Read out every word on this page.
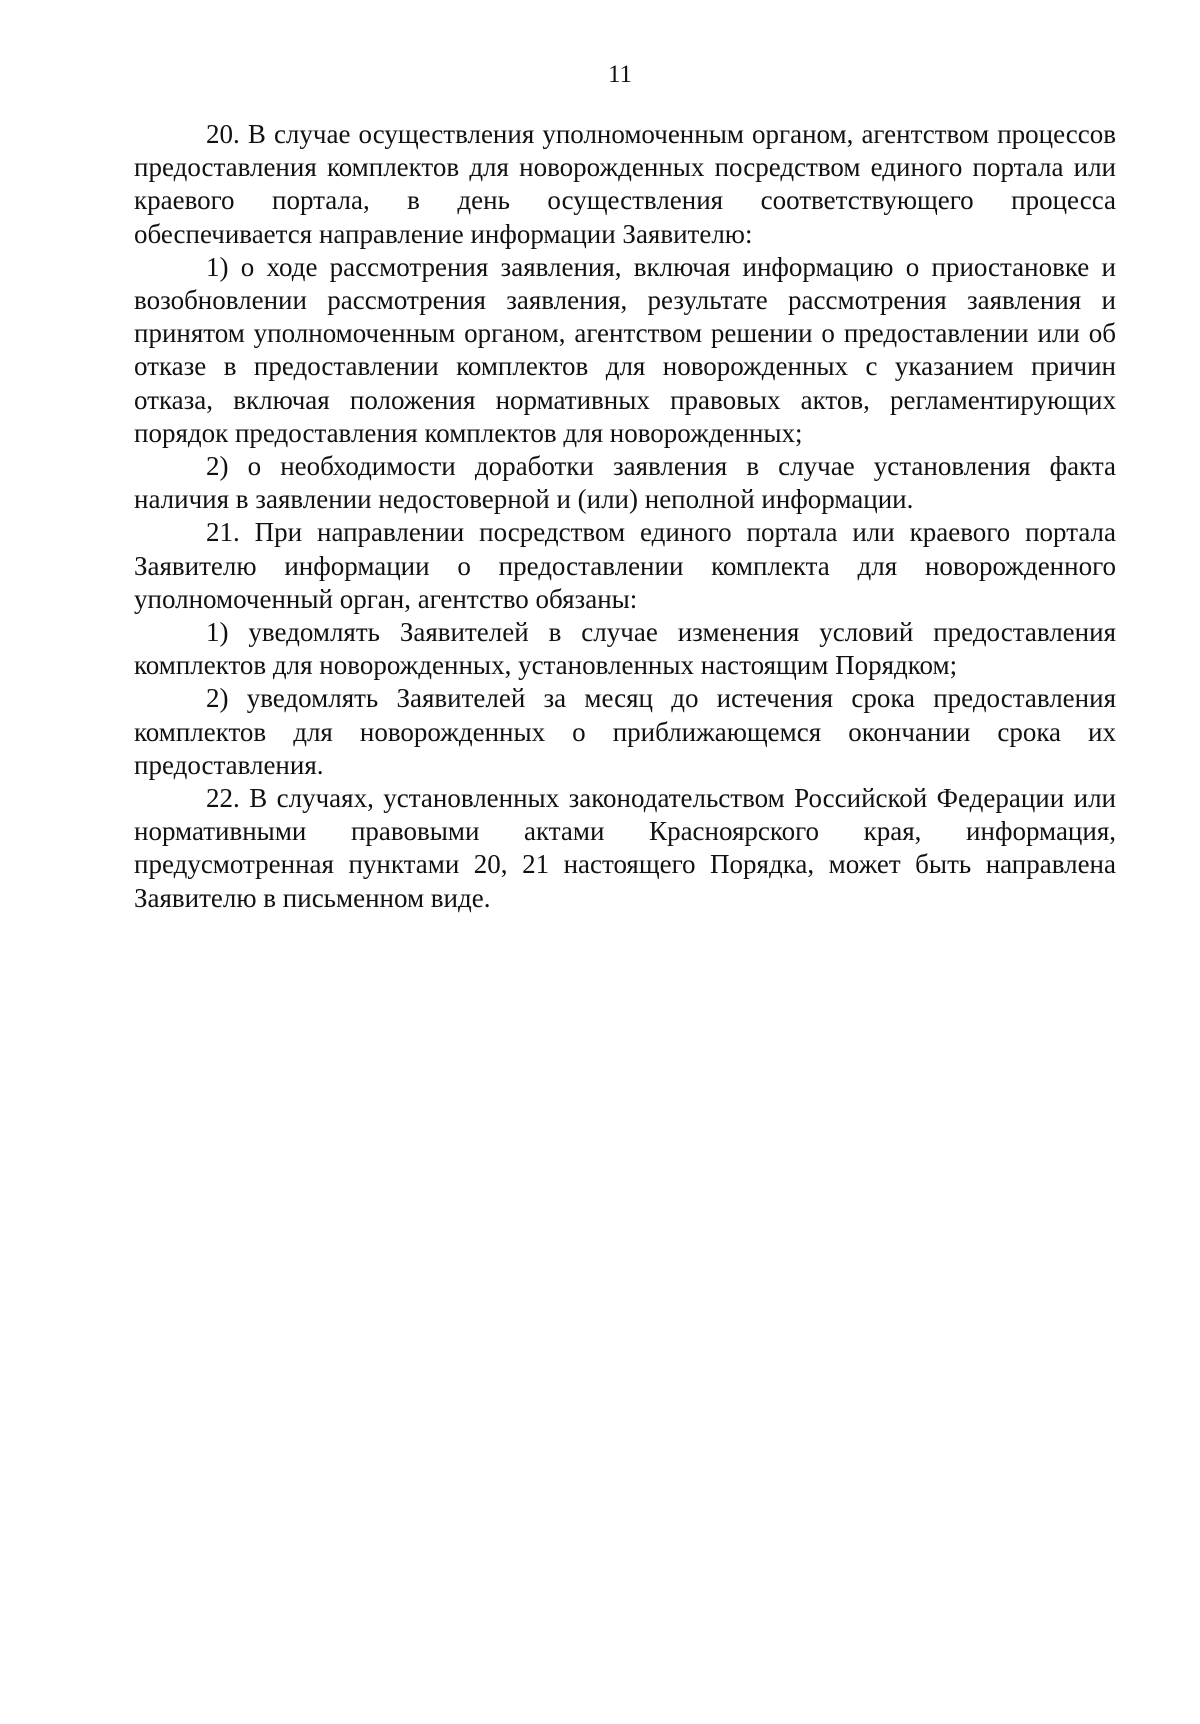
11

20. В случае осуществления уполномоченным органом, агентством процессов предоставления комплектов для новорожденных посредством единого портала или краевого портала, в день осуществления соответствующего процесса обеспечивается направление информации Заявителю:

1) о ходе рассмотрения заявления, включая информацию о приостановке и возобновлении рассмотрения заявления, результате рассмотрения заявления и принятом уполномоченным органом, агентством решении о предоставлении или об отказе в предоставлении комплектов для новорожденных с указанием причин отказа, включая положения нормативных правовых актов, регламентирующих порядок предоставления комплектов для новорожденных;

2) о необходимости доработки заявления в случае установления факта наличия в заявлении недостоверной и (или) неполной информации.

21. При направлении посредством единого портала или краевого портала Заявителю информации о предоставлении комплекта для новорожденного уполномоченный орган, агентство обязаны:

1) уведомлять Заявителей в случае изменения условий предоставления комплектов для новорожденных, установленных настоящим Порядком;

2) уведомлять Заявителей за месяц до истечения срока предоставления комплектов для новорожденных о приближающемся окончании срока их предоставления.

22. В случаях, установленных законодательством Российской Федерации или нормативными правовыми актами Красноярского края, информация, предусмотренная пунктами 20, 21 настоящего Порядка, может быть направлена Заявителю в письменном виде.
